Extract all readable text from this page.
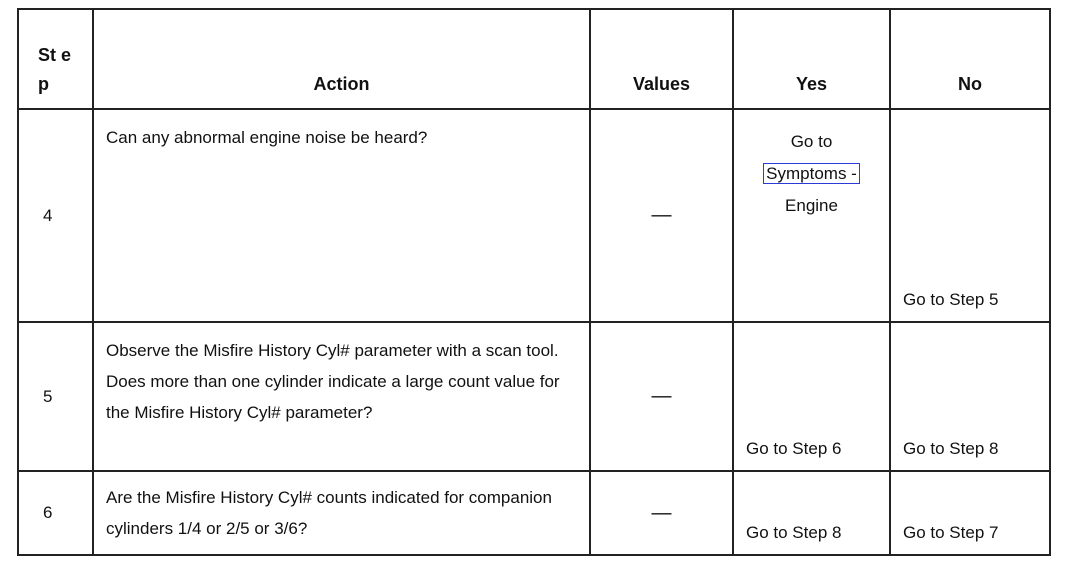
St ep	Action	Values	Yes	No

4	Can any abnormal engine noise be heard?	—	Go to
Symptoms -
Engine	Go to Step 5

5	Observe the Misfire History Cyl# parameter with a scan tool. Does more than one cylinder indicate a large count value for the Misfire History Cyl# parameter?	—	Go to Step 6	Go to Step 8

6	Are the Misfire History Cyl# counts indicated for companion cylinders 1/4 or 2/5 or 3/6?	—	Go to Step 8	Go to Step 7
